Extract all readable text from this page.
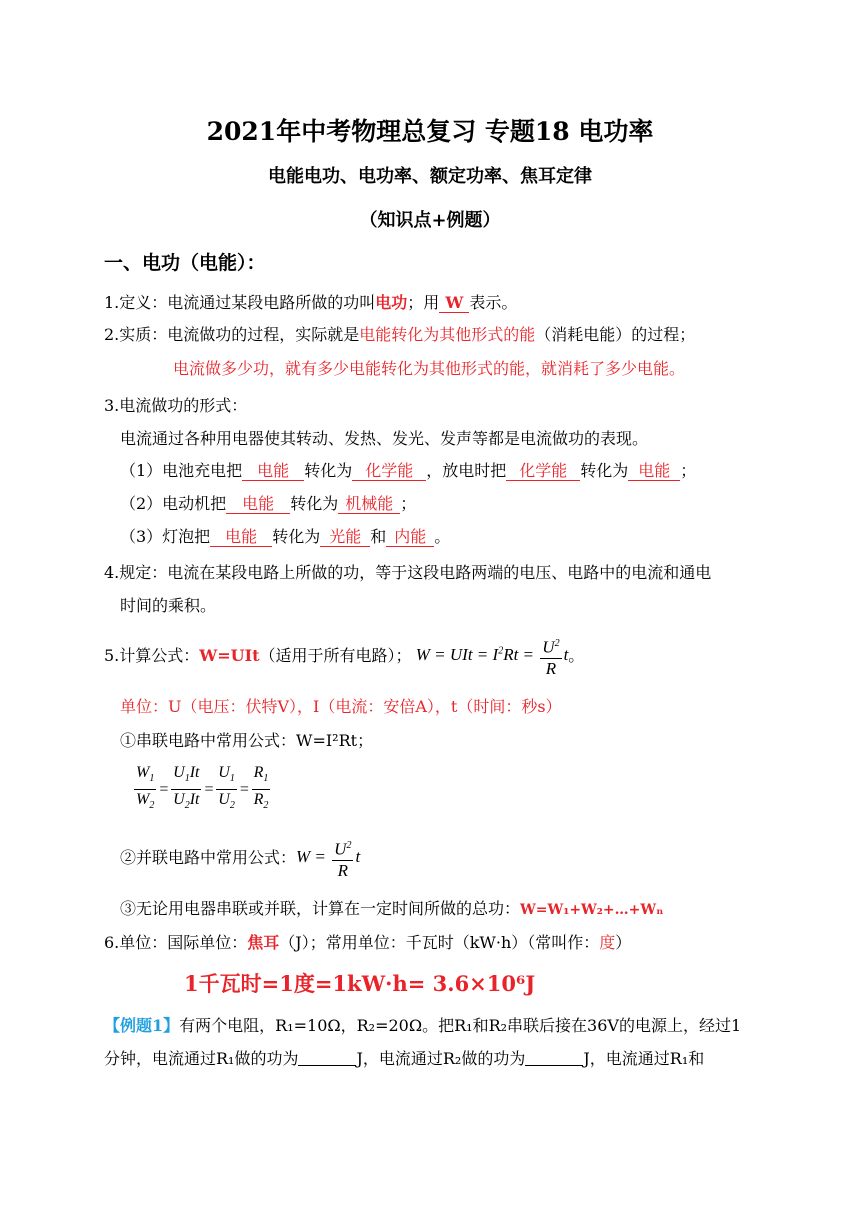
2021年中考物理总复习 专题18 电功率
电能电功、电功率、额定功率、焦耳定律
（知识点+例题）
一、电功（电能）：
1.定义：电流通过某段电路所做的功叫电功；用 W 表示。
2.实质：电流做功的过程，实际就是电能转化为其他形式的能（消耗电能）的过程；
电流做多少功，就有多少电能转化为其他形式的能，就消耗了多少电能。
3.电流做功的形式：
电流通过各种用电器使其转动、发热、发光、发声等都是电流做功的表现。
（1）电池充电把 电能 转化为 化学能 ，放电时把 化学能 转化为 电能 ；
（2）电动机把 电能 转化为 机械能 ；
（3）灯泡把 电能 转化为 光能 和 内能 。
4.规定：电流在某段电路上所做的功，等于这段电路两端的电压、电路中的电流和通电
时间的乘积。
5.计算公式： W=UIt （适用于所有电路）； W = UIt = $I^2Rt = \frac{U^2}{R}$ t 。
单位：U（电压：伏特V），I（电流：安倍A），t（时间：秒s）
①串联电路中常用公式：W=I²Rt；
$\frac{W_1}{W_2} = \frac{U_1It}{U_2It} = \frac{U_1}{U_2} = \frac{R_1}{R_2}$
②并联电路中常用公式： $W = \frac{U^2}{R}$ t
③无论用电器串联或并联，计算在一定时间所做的总功：W=W₁+W₂+…+Wₙ
6.单位：国际单位：焦耳（J）；常用单位：千瓦时（kW·h）（常叫作：度）
1千瓦时=1度=1kW·h= 3.6×10⁶J
【例题1】有两个电阻，R₁=10Ω，R₂=20Ω。把R₁和R₂串联后接在36V的电源上，经过1
分钟，电流通过R₁做的功为	J，电流通过R₂做的功为	J，电流通过R₁和
